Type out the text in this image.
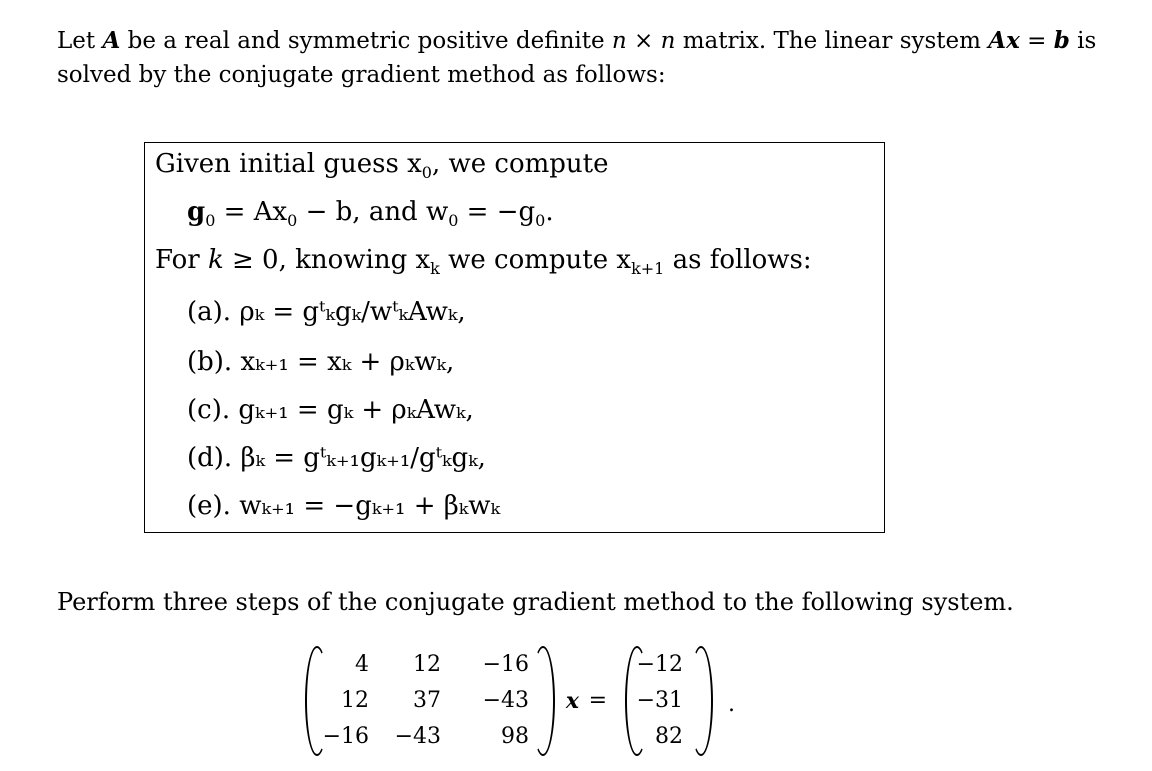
Let A be a real and symmetric positive definite n × n matrix. The linear system Ax = b is solved by the conjugate gradient method as follows:
Given initial guess $x_0$, we compute
$g_0 = Ax_0 - b$, and $w_0 = -g_0$.
For k ≥ 0, knowing $x_k$ we compute $x_{k+1}$ as follows:
(a). ρₖ = gᵗₖgₖ/wᵗₖAwₖ,
(b). xₖ₊₁ = xₖ + ρₖwₖ,
(c). gₖ₊₁ = gₖ + ρₖAwₖ,
(d). βₖ = gᵗₖ₊₁gₖ₊₁/gᵗₖgₖ,
(e). wₖ₊₁ = −gₖ₊₁ + βₖwₖ
Perform three steps of the conjugate gradient method to the following system.
4	12 −16
12	37 −43
−16 −43	98
x =
−12
−31
82
.
